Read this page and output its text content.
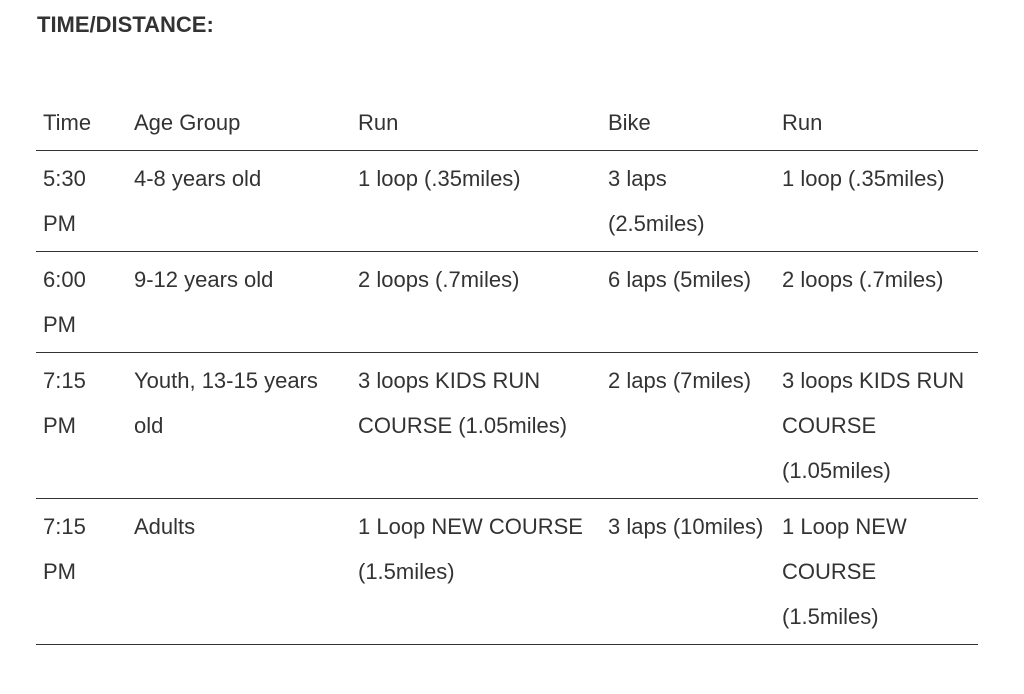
TIME/DISTANCE:
Time	Age Group	Run	Bike	Run
5:30 PM	4-8 years old	1 loop (.35miles)	3 laps (2.5miles)	1 loop (.35miles)
6:00 PM	9-12 years old	2 loops (.7miles)	6 laps (5miles)	2 loops (.7miles)
7:15 PM	Youth, 13-15 years old	3 loops KIDS RUN COURSE (1.05miles)	2 laps (7miles)	3 loops KIDS RUN COURSE (1.05miles)
7:15 PM	Adults	1 Loop NEW COURSE (1.5miles)	3 laps (10miles)	1 Loop NEW COURSE (1.5miles)
